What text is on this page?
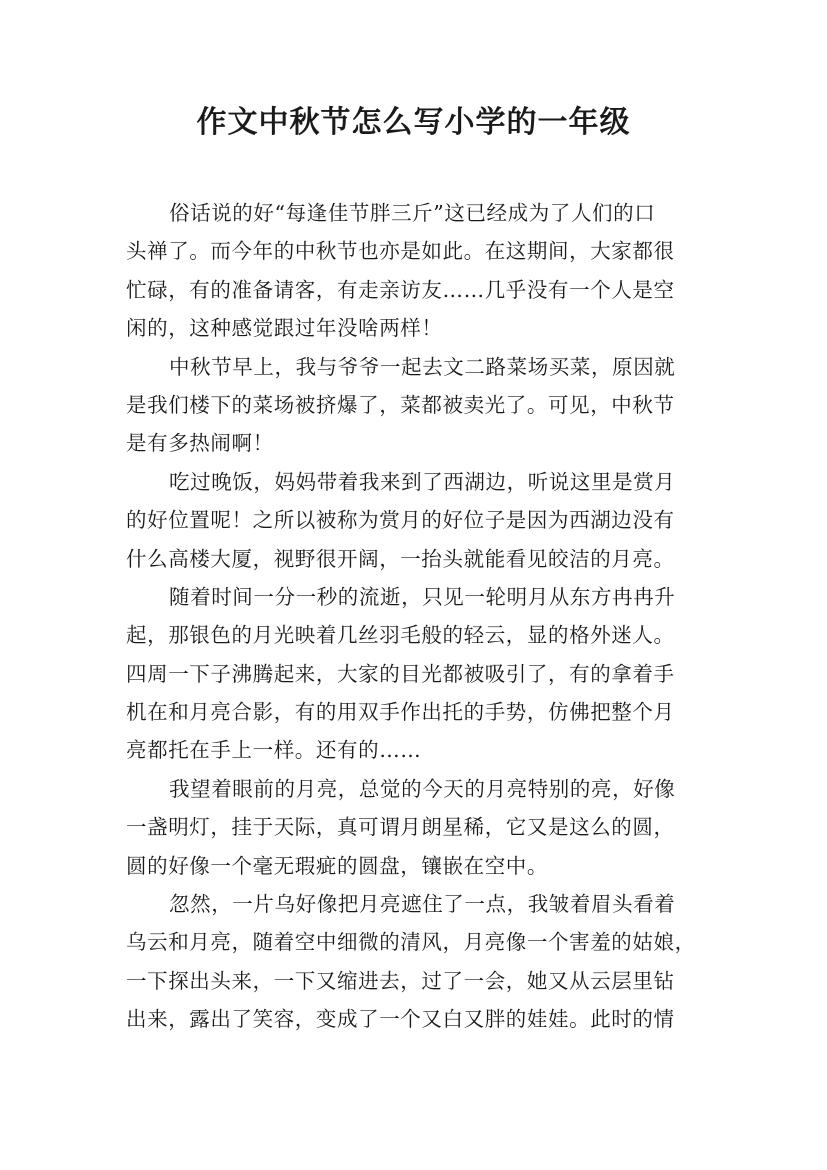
作文中秋节怎么写小学的一年级
俗话说的好“每逢佳节胖三斤”这已经成为了人们的口
头禅了。而今年的中秋节也亦是如此。在这期间，大家都很
忙碌，有的准备请客，有走亲访友……几乎没有一个人是空
闲的，这种感觉跟过年没啥两样！
中秋节早上，我与爷爷一起去文二路菜场买菜，原因就
是我们楼下的菜场被挤爆了，菜都被卖光了。可见，中秋节
是有多热闹啊！
吃过晚饭，妈妈带着我来到了西湖边，听说这里是赏月
的好位置呢！之所以被称为赏月的好位子是因为西湖边没有
什么高楼大厦，视野很开阔，一抬头就能看见皎洁的月亮。
随着时间一分一秒的流逝，只见一轮明月从东方冉冉升
起，那银色的月光映着几丝羽毛般的轻云，显的格外迷人。
四周一下子沸腾起来，大家的目光都被吸引了，有的拿着手
机在和月亮合影，有的用双手作出托的手势，仿佛把整个月
亮都托在手上一样。还有的……
我望着眼前的月亮，总觉的今天的月亮特别的亮，好像
一盏明灯，挂于天际，真可谓月朗星稀，它又是这么的圆，
圆的好像一个毫无瑕疵的圆盘，镶嵌在空中。
忽然，一片乌好像把月亮遮住了一点，我皱着眉头看着
乌云和月亮，随着空中细微的清风，月亮像一个害羞的姑娘，
一下探出头来，一下又缩进去，过了一会，她又从云层里钻
出来，露出了笑容，变成了一个又白又胖的娃娃。此时的情
